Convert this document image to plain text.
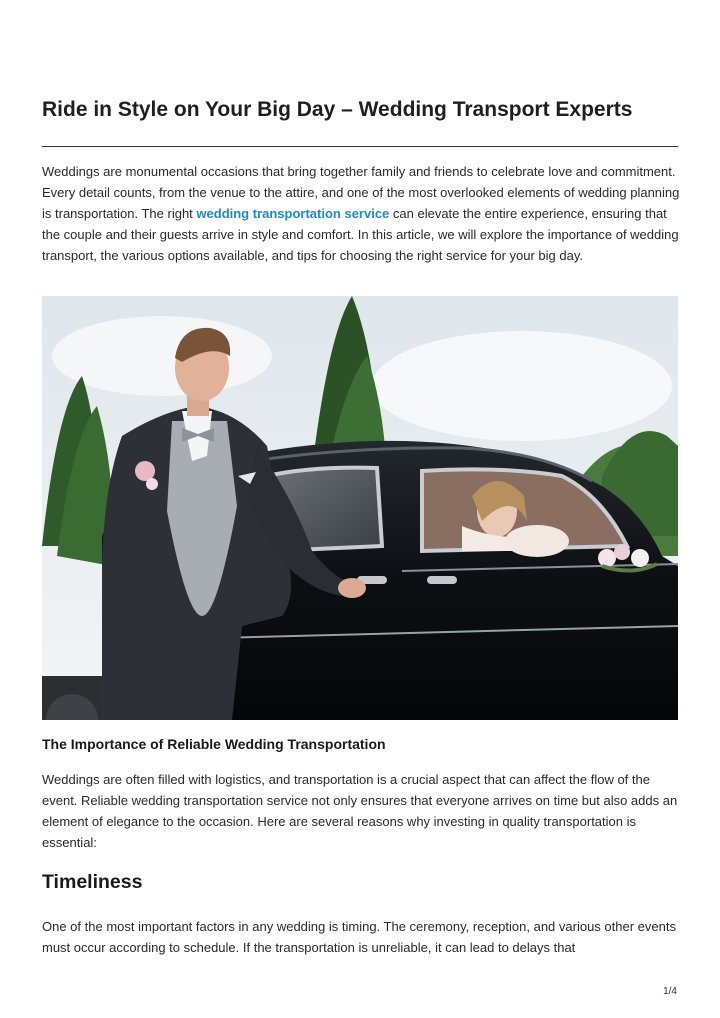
Ride in Style on Your Big Day – Wedding Transport Experts

Weddings are monumental occasions that bring together family and friends to celebrate love and commitment. Every detail counts, from the venue to the attire, and one of the most overlooked elements of wedding planning is transportation. The right wedding transportation service can elevate the entire experience, ensuring that the couple and their guests arrive in style and comfort. In this article, we will explore the importance of wedding transport, the various options available, and tips for choosing the right service for your big day.

The Importance of Reliable Wedding Transportation

Weddings are often filled with logistics, and transportation is a crucial aspect that can affect the flow of the event. Reliable wedding transportation service not only ensures that everyone arrives on time but also adds an element of elegance to the occasion. Here are several reasons why investing in quality transportation is essential:

Timeliness

One of the most important factors in any wedding is timing. The ceremony, reception, and various other events must occur according to schedule. If the transportation is unreliable, it can lead to delays that

1/4
